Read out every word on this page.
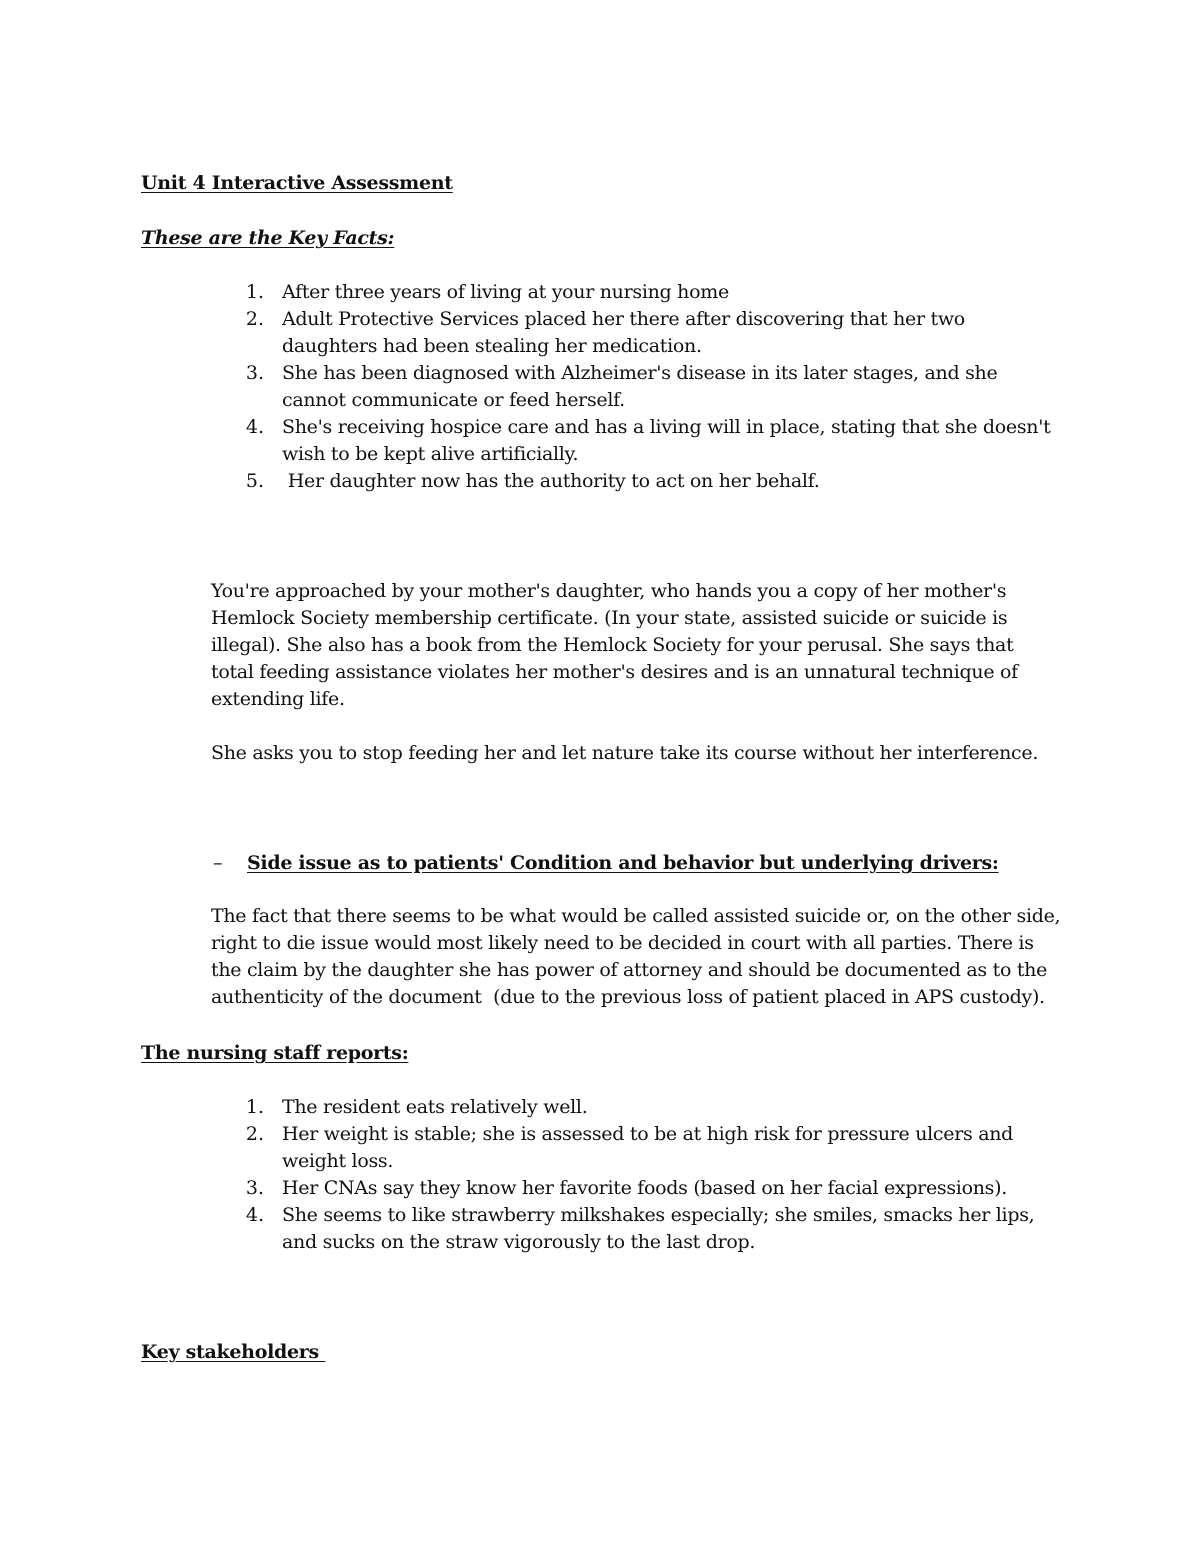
Unit 4 Interactive Assessment
These are the Key Facts:
1. After three years of living at your nursing home
2. Adult Protective Services placed her there after discovering that her two
daughters had been stealing her medication.
3. She has been diagnosed with Alzheimer's disease in its later stages, and she
cannot communicate or feed herself.
4. She's receiving hospice care and has a living will in place, stating that she doesn't
wish to be kept alive artificially.
5. Her daughter now has the authority to act on her behalf.
You're approached by your mother's daughter, who hands you a copy of her mother's
Hemlock Society membership certificate. (In your state, assisted suicide or suicide is
illegal). She also has a book from the Hemlock Society for your perusal. She says that
total feeding assistance violates her mother's desires and is an unnatural technique of
extending life.
She asks you to stop feeding her and let nature take its course without her interference.
– Side issue as to patients' Condition and behavior but underlying drivers:
The fact that there seems to be what would be called assisted suicide or, on the other side,
right to die issue would most likely need to be decided in court with all parties. There is
the claim by the daughter she has power of attorney and should be documented as to the
authenticity of the document  (due to the previous loss of patient placed in APS custody).
The nursing staff reports:
1. The resident eats relatively well.
2. Her weight is stable; she is assessed to be at high risk for pressure ulcers and
weight loss.
3. Her CNAs say they know her favorite foods (based on her facial expressions).
4. She seems to like strawberry milkshakes especially; she smiles, smacks her lips,
and sucks on the straw vigorously to the last drop.
Key stakeholders
